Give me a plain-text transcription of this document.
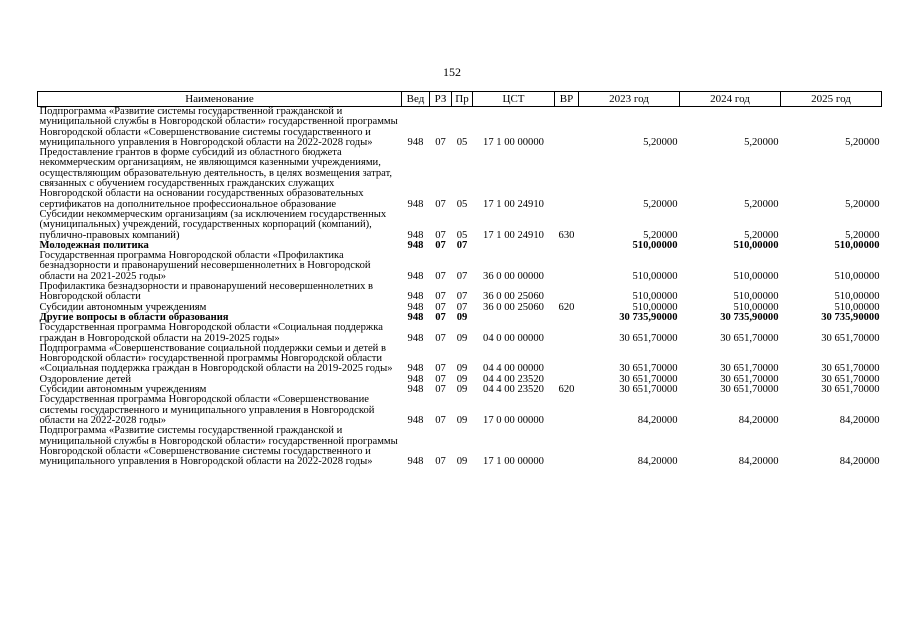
152
Наименование	Вед	РЗ	Пр	ЦСТ	ВР	2023 год	2024 год	2025 год
Подпрограмма «Развитие системы государственной гражданской и муниципальной службы в Новгородской области» государственной программы Новгородской области «Совершенствование системы государственного и муниципального управления в Новгородской области на 2022-2028 годы»	948	07	05	17 1 00 00000		5,20000	5,20000	5,20000
Предоставление грантов в форме субсидий из областного бюджета некоммерческим организациям, не являющимся казенными учреждениями, осуществляющим образовательную деятельность, в целях возмещения затрат, связанных с обучением государственных гражданских служащих Новгородской области на основании государственных образовательных сертификатов на дополнительное профессиональное образование	948	07	05	17 1 00 24910		5,20000	5,20000	5,20000
Субсидии некоммерческим организациям (за исключением государственных (муниципальных) учреждений, государственных корпораций (компаний), публично-правовых компаний)	948	07	05	17 1 00 24910	630	5,20000	5,20000	5,20000
Молодежная политика	948	07	07			510,00000	510,00000	510,00000
Государственная программа Новгородской области «Профилактика безнадзорности и правонарушений несовершеннолетних в Новгородской области на 2021-2025 годы»	948	07	07	36 0 00 00000		510,00000	510,00000	510,00000
Профилактика безнадзорности и правонарушений несовершеннолетних в Новгородской области	948	07	07	36 0 00 25060		510,00000	510,00000	510,00000
Субсидии автономным учреждениям	948	07	07	36 0 00 25060	620	510,00000	510,00000	510,00000
Другие вопросы в области образования	948	07	09			30 735,90000	30 735,90000	30 735,90000
Государственная программа Новгородской области «Социальная поддержка граждан в Новгородской области на 2019-2025 годы»	948	07	09	04 0 00 00000		30 651,70000	30 651,70000	30 651,70000
Подпрограмма «Совершенствование социальной поддержки семьи и детей в Новгородской области» государственной программы Новгородской области «Социальная поддержка граждан в Новгородской области на 2019-2025 годы»	948	07	09	04 4 00 00000		30 651,70000	30 651,70000	30 651,70000
Оздоровление детей	948	07	09	04 4 00 23520		30 651,70000	30 651,70000	30 651,70000
Субсидии автономным учреждениям	948	07	09	04 4 00 23520	620	30 651,70000	30 651,70000	30 651,70000
Государственная программа Новгородской области «Совершенствование системы государственного и муниципального управления в Новгородской области на 2022-2028 годы»	948	07	09	17 0 00 00000		84,20000	84,20000	84,20000
Подпрограмма «Развитие системы государственной гражданской и муниципальной службы в Новгородской области» государственной программы Новгородской области «Совершенствование системы государственного и муниципального управления в Новгородской области на 2022-2028 годы»	948	07	09	17 1 00 00000		84,20000	84,20000	84,20000
